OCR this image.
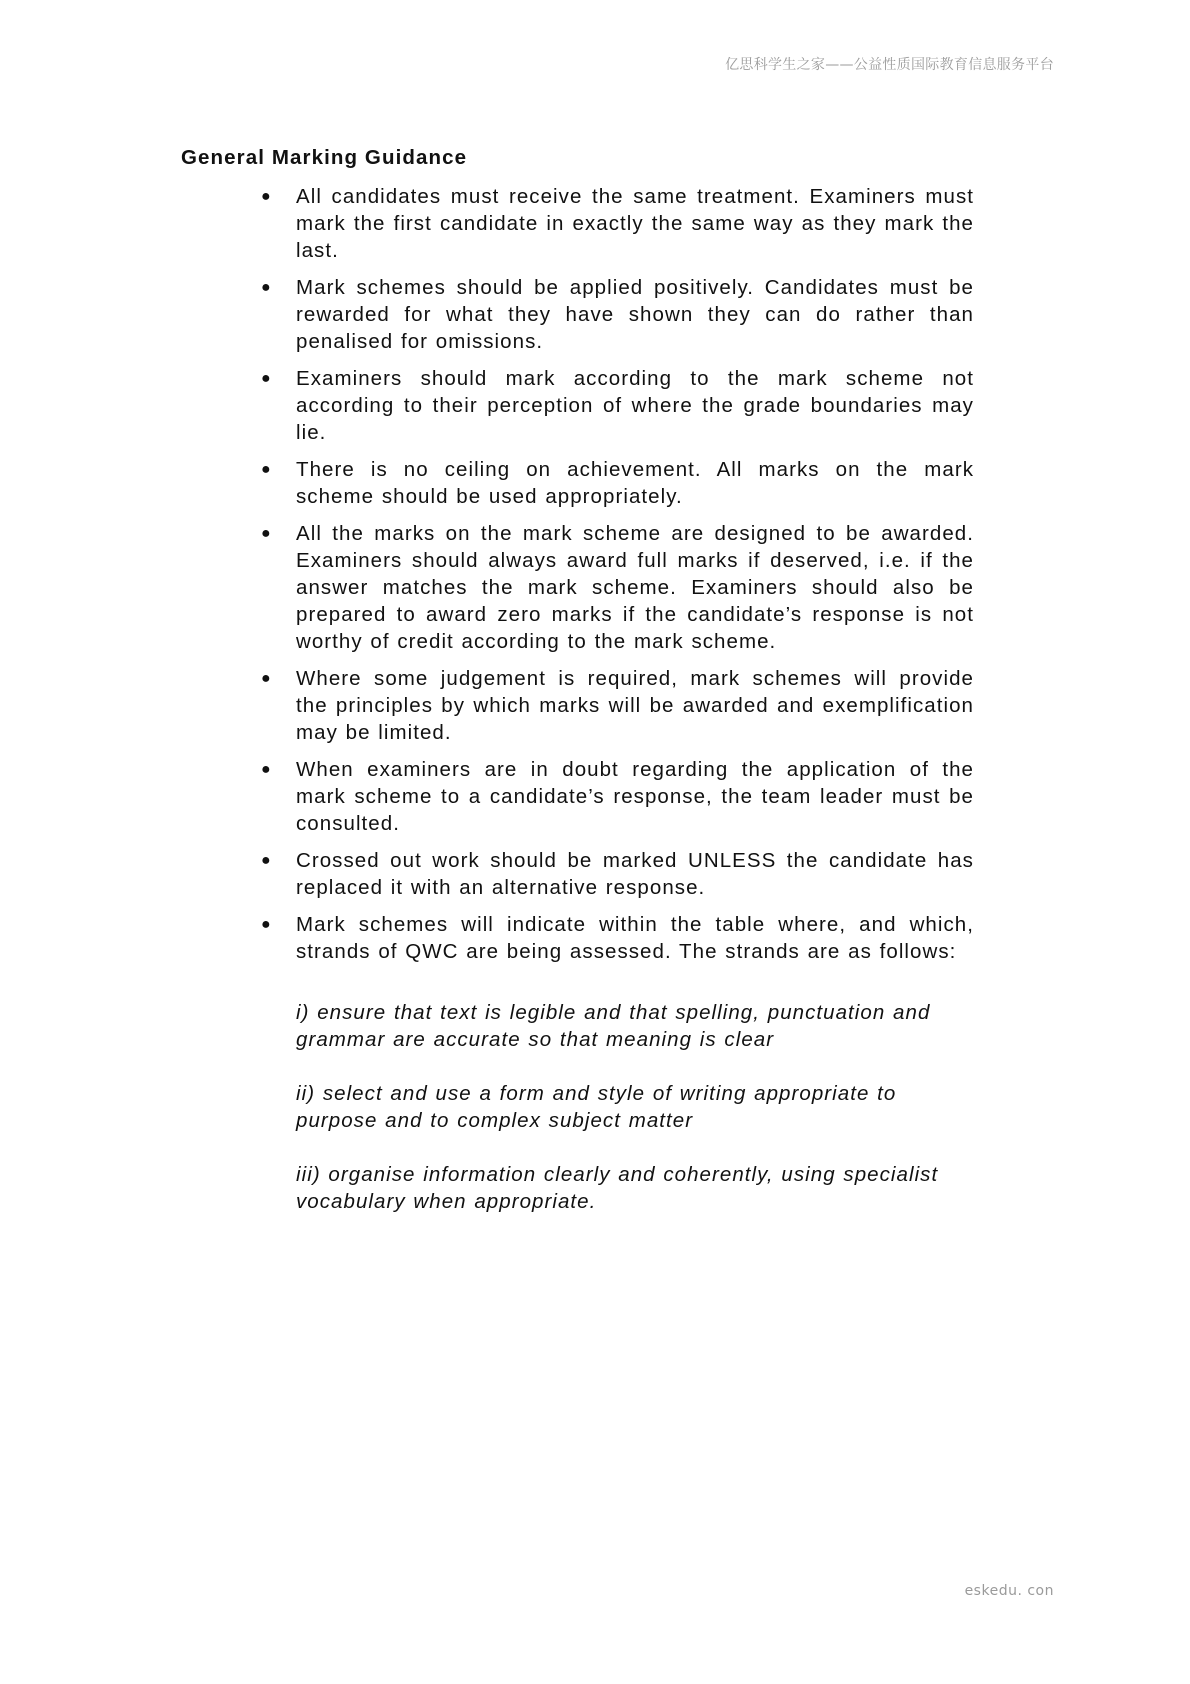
亿思科学生之家——公益性质国际教育信息服务平台
General Marking Guidance
● All candidates must receive the same treatment. Examiners must mark the first candidate in exactly the same way as they mark the last.
● Mark schemes should be applied positively. Candidates must be rewarded for what they have shown they can do rather than penalised for omissions.
● Examiners should mark according to the mark scheme not according to their perception of where the grade boundaries may lie.
● There is no ceiling on achievement. All marks on the mark scheme should be used appropriately.
● All the marks on the mark scheme are designed to be awarded. Examiners should always award full marks if deserved, i.e. if the answer matches the mark scheme. Examiners should also be prepared to award zero marks if the candidate’s response is not worthy of credit according to the mark scheme.
● Where some judgement is required, mark schemes will provide the principles by which marks will be awarded and exemplification may be limited.
● When examiners are in doubt regarding the application of the mark scheme to a candidate’s response, the team leader must be consulted.
● Crossed out work should be marked UNLESS the candidate has replaced it with an alternative response.
● Mark schemes will indicate within the table where, and which, strands of QWC are being assessed. The strands are as follows:

i) ensure that text is legible and that spelling, punctuation and grammar are accurate so that meaning is clear

ii) select and use a form and style of writing appropriate to purpose and to complex subject matter

iii) organise information clearly and coherently, using specialist vocabulary when appropriate.

eskedu. con
